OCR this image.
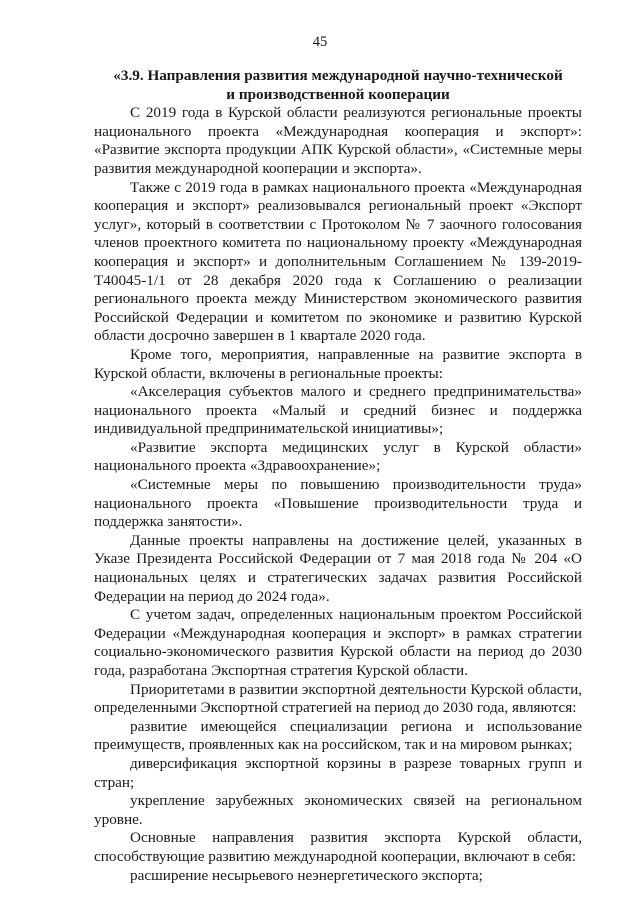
45
«3.9. Направления развития международной научно-технической
и производственной кооперации

С 2019 года в Курской области реализуются региональные проекты национального проекта «Международная кооперация и экспорт»: «Развитие экспорта продукции АПК Курской области», «Системные меры развития международной кооперации и экспорта».

Также с 2019 года в рамках национального проекта «Международная кооперация и экспорт» реализовывался региональный проект «Экспорт услуг», который в соответствии с Протоколом № 7 заочного голосования членов проектного комитета по национальному проекту «Международная кооперация и экспорт» и дополнительным Соглашением № 139-2019-T40045-1/1 от 28 декабря 2020 года к Соглашению о реализации регионального проекта между Министерством экономического развития Российской Федерации и комитетом по экономике и развитию Курской области досрочно завершен в 1 квартале 2020 года.

Кроме того, мероприятия, направленные на развитие экспорта в Курской области, включены в региональные проекты:

«Акселерация субъектов малого и среднего предпринимательства» национального проекта «Малый и средний бизнес и поддержка индивидуальной предпринимательской инициативы»;

«Развитие экспорта медицинских услуг в Курской области» национального проекта «Здравоохранение»;

«Системные меры по повышению производительности труда» национального проекта «Повышение производительности труда и поддержка занятости».

Данные проекты направлены на достижение целей, указанных в Указе Президента Российской Федерации от 7 мая 2018 года № 204 «О национальных целях и стратегических задачах развития Российской Федерации на период до 2024 года».

С учетом задач, определенных национальным проектом Российской Федерации «Международная кооперация и экспорт» в рамках стратегии социально-экономического развития Курской области на период до 2030 года, разработана Экспортная стратегия Курской области.

Приоритетами в развитии экспортной деятельности Курской области, определенными Экспортной стратегией на период до 2030 года, являются:

развитие имеющейся специализации региона и использование преимуществ, проявленных как на российском, так и на мировом рынках;

диверсификация экспортной корзины в разрезе товарных групп и стран;

укрепление зарубежных экономических связей на региональном уровне.

Основные направления развития экспорта Курской области, способствующие развитию международной кооперации, включают в себя:

расширение несырьевого неэнергетического экспорта;
